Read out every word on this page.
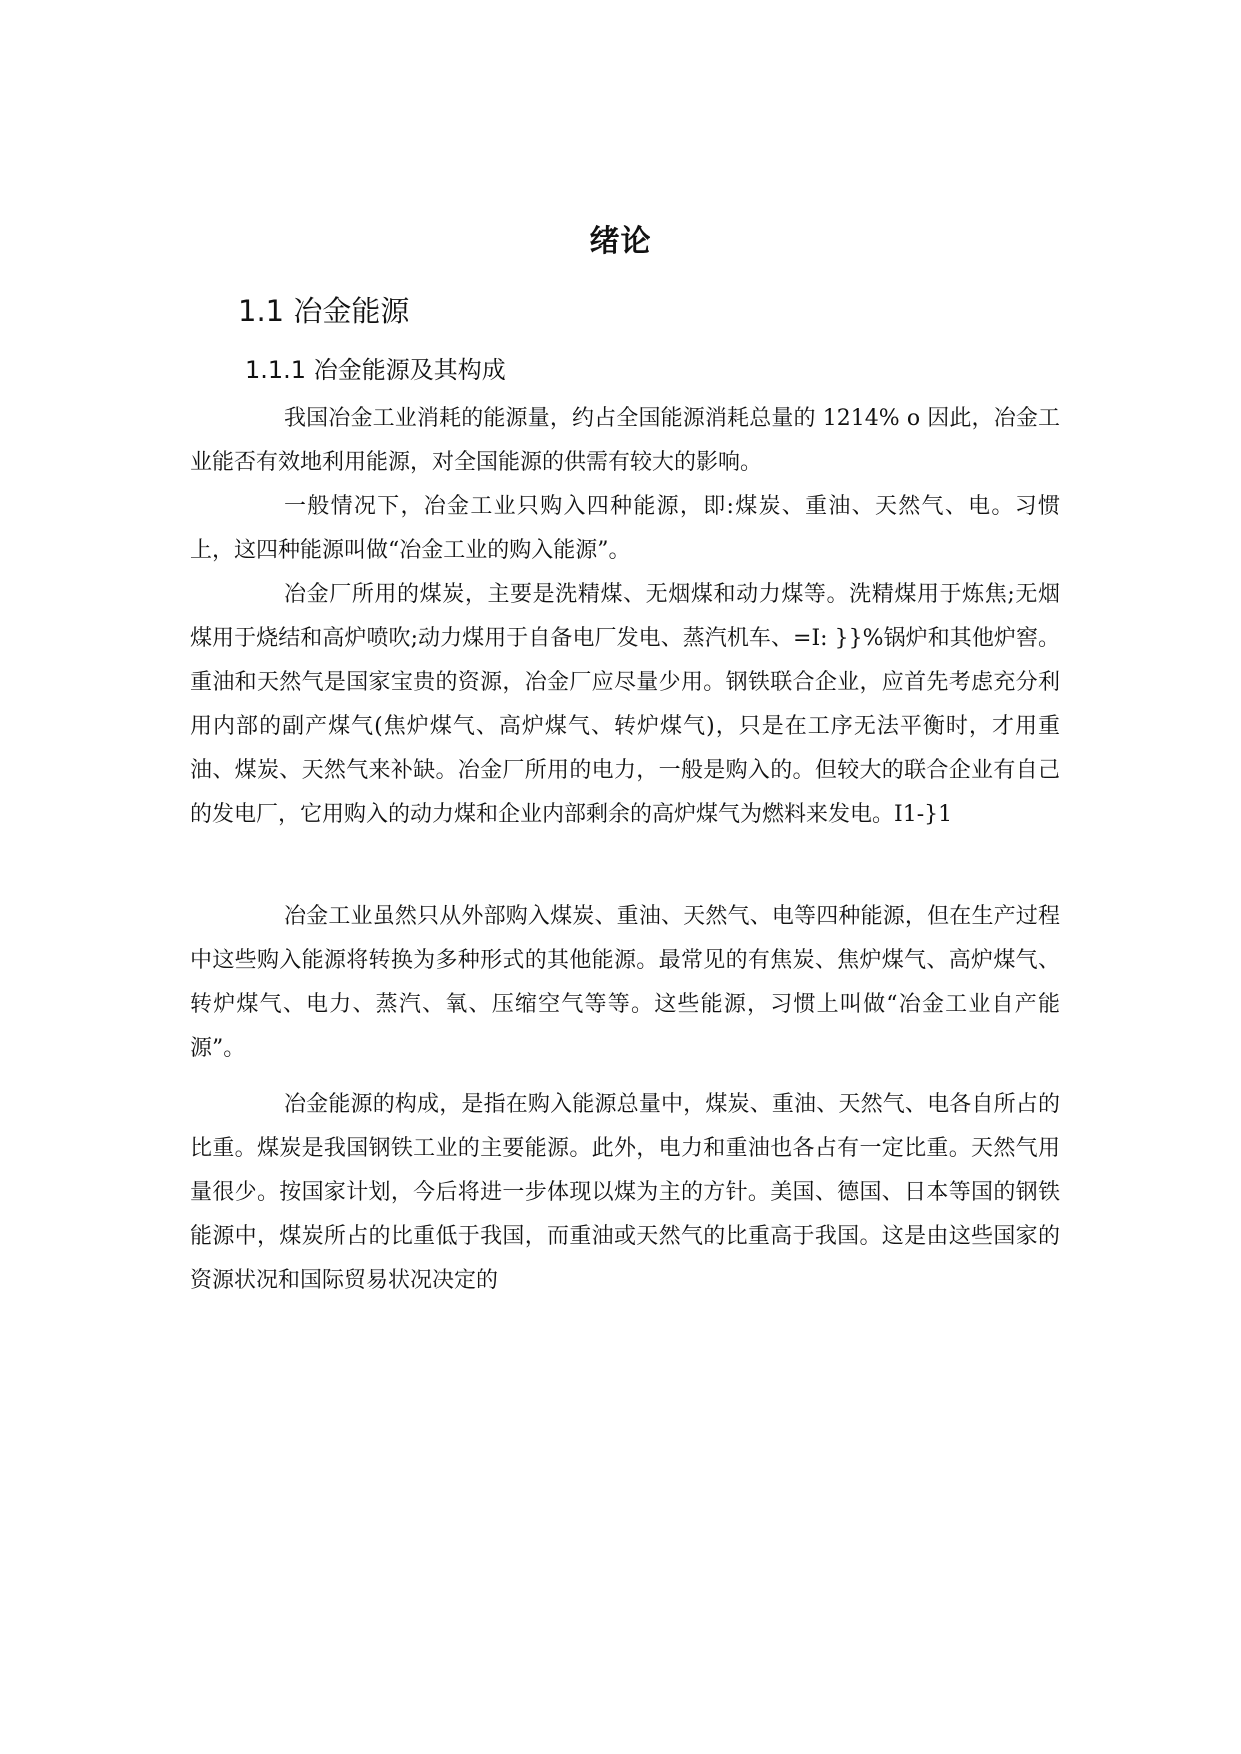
绪论
1.1 冶金能源
1.1.1 冶金能源及其构成

我国冶金工业消耗的能源量，约占全国能源消耗总量的 1214% o 因此，冶金工业能否有效地利用能源，对全国能源的供需有较大的影响。

一般情况下，冶金工业只购入四种能源，即:煤炭、重油、天然气、电。习惯上，这四种能源叫做“冶金工业的购入能源”。

冶金厂所用的煤炭，主要是洗精煤、无烟煤和动力煤等。洗精煤用于炼焦;无烟煤用于烧结和高炉喷吹;动力煤用于自备电厂发电、蒸汽机车、=I: }}%锅炉和其他炉窖。重油和天然气是国家宝贵的资源，冶金厂应尽量少用。钢铁联合企业，应首先考虑充分利用内部的副产煤气(焦炉煤气、高炉煤气、转炉煤气)，只是在工序无法平衡时，才用重油、煤炭、天然气来补缺。冶金厂所用的电力，一般是购入的。但较大的联合企业有自己的发电厂，它用购入的动力煤和企业内部剩余的高炉煤气为燃料来发电。I1-}1

冶金工业虽然只从外部购入煤炭、重油、天然气、电等四种能源，但在生产过程中这些购入能源将转换为多种形式的其他能源。最常见的有焦炭、焦炉煤气、高炉煤气、转炉煤气、电力、蒸汽、氧、压缩空气等等。这些能源，习惯上叫做“冶金工业自产能源”。

冶金能源的构成，是指在购入能源总量中，煤炭、重油、天然气、电各自所占的比重。煤炭是我国钢铁工业的主要能源。此外，电力和重油也各占有一定比重。天然气用量很少。按国家计划，今后将进一步体现以煤为主的方针。美国、德国、日本等国的钢铁能源中，煤炭所占的比重低于我国，而重油或天然气的比重高于我国。这是由这些国家的资源状况和国际贸易状况决定的
